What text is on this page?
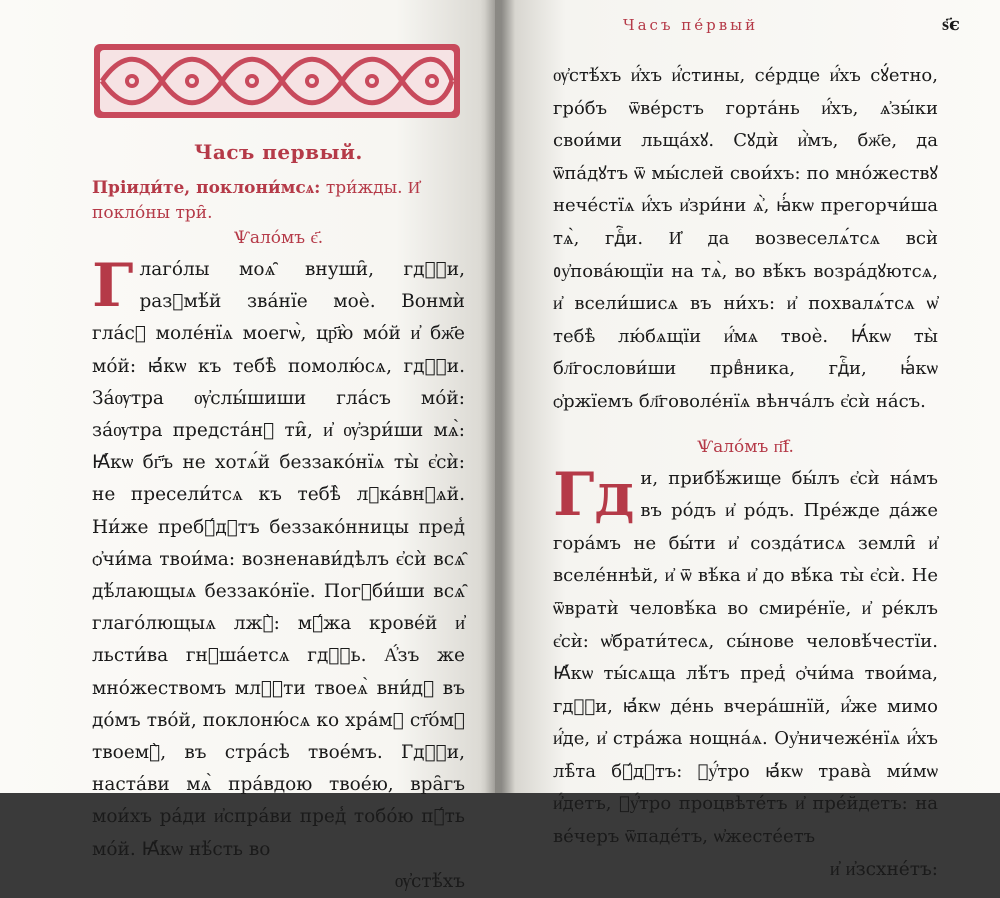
Часъ первый.

Пріиди́те, поклони́мсѧ: три́жды. И҆ покло́ны три̑.

Ѱало́мъ є҃.

Глаго́лы моѧ̑ внуши̑, гдⷭ҇и, разꙋмѣ́й зва́нїе моѐ. Вонмѝ гла́сꙋ моле́нїѧ моегѡ̀, цр҃ю̀ мо́й и҆ бж҃е мо́й: ꙗ҆́кѡ къ тебѣ̀ помолю́сѧ, гдⷭ҇и. За́ѹтра ѹ҆слы́шиши гла́съ мо́й: за́ѹтра предста́нꙋ ти̑, и҆ ѹ҆зри́ши мѧ̀: Ꙗ҆́кѡ бг҃ъ не хотѧ́й беззако́нїѧ ты̀ є҆сѝ: не пресели́тсѧ къ тебѣ̀ лꙋка́внꙋѧй. Ни́же пребꙋ́дꙋтъ беззако́нницы пред̾ ѻ҆чи́ма твои́ма: возненави́дѣлъ є҆сѝ всѧ̑ дѣ́лающыѧ беззако́нїе. Погꙋби́ши всѧ̑ глаго́лющыѧ лжꙋ̀: мꙋ́жа крове́й и҆ льсти́ва гнꙋша́етсѧ гдⷭ҇ь. А҆́зъ же мно́жествомъ млⷭ҇ти твоеѧ̀ вни́дꙋ въ до́мъ тво́й, поклоню́сѧ ко хра́мꙋ ст҃о́мꙋ твоемꙋ̀, въ стра́сѣ твое́мъ. Гдⷭ҇и, наста́ви мѧ̀ пра́вдою твое́ю, вра̑гъ мои́хъ ра́ди и҆спра́ви пред̾ тобо́ю пꙋ́ть мо́й. Ꙗ҆́кѡ нѣ́сть во

ѹ҆стѣ́хъ

Часъ пе́рвый	ѕ҃є

ѹ҆стѣ́хъ и҆́хъ и҆́стины, се́рдце и҆́хъ сꙋ́етно, гро́бъ ѿве́рстъ горта́нь и҆́хъ, ѧ҆зы́ки свои́ми льща́хꙋ. Сꙋдѝ и҆̀мъ, бж҃е, да ѿпа́дꙋтъ ѿ мы́слей свои́хъ: по мно́жествꙋ нече́стїѧ и҆́хъ и҆зри́ни ѧ҆̀, ꙗ҆́кѡ прегорчи́ша тѧ̀, гдⷭ҇и. И҆ да возвеселѧ́тсѧ всѝ ᲂу҆пова́ющїи на тѧ̀, во вѣ́къ возра́дꙋютсѧ, и҆ всели́шисѧ въ ни́хъ: и҆ похвалѧ́тсѧ ѡ҆ тебѣ̀ лю́бѧщїи и҆́мѧ твоѐ. Ꙗ҆́кѡ ты̀ бл҃гослови́ши првⷣника, гдⷭ҇и, ꙗ҆́кѡ ѻ҆ржїемъ бл҃говоле́нїѧ вѣнча́лъ є҆сѝ на́съ.

Ѱало́мъ п҃f.

Гд и, прибѣ́жище бы́лъ є҆сѝ на́мъ въ ро́дъ и҆ ро́дъ. Пре́жде да́же гора́мъ не бы́ти и҆ созда́тисѧ земли̑ и҆ вселе́ннѣй, и҆ ѿ вѣ́ка и҆ до вѣ́ка ты̀ є҆сѝ. Не ѿвратѝ человѣ́ка во смире́нїе, и҆ ре́клъ є҆сѝ: ѡ҆брати́тесѧ, сы́нове человѣ́честїи. Ꙗ҆́кѡ ты́сѧща лѣ́тъ пред̾ ѻ҆чи́ма твои́ма, гдⷭ҇и, ꙗ҆́кѡ де́нь вчера́шнїй, и҆́же мимо и҆́де, и҆ стра́жа нощна́ѧ. Оу҆ничеже́нїѧ и҆́хъ лѣ̑та бꙋ́дꙋтъ: ᲂу҆́тро ꙗ҆́кѡ трава̀ ми́мѡ и҆́детъ, ᲂу҆́тро процвѣте́тъ и҆ пре́йдетъ: на ве́черъ ѿпаде́тъ, ѡ҆жесте́етъ

и҆ и҆зсхне́тъ:
